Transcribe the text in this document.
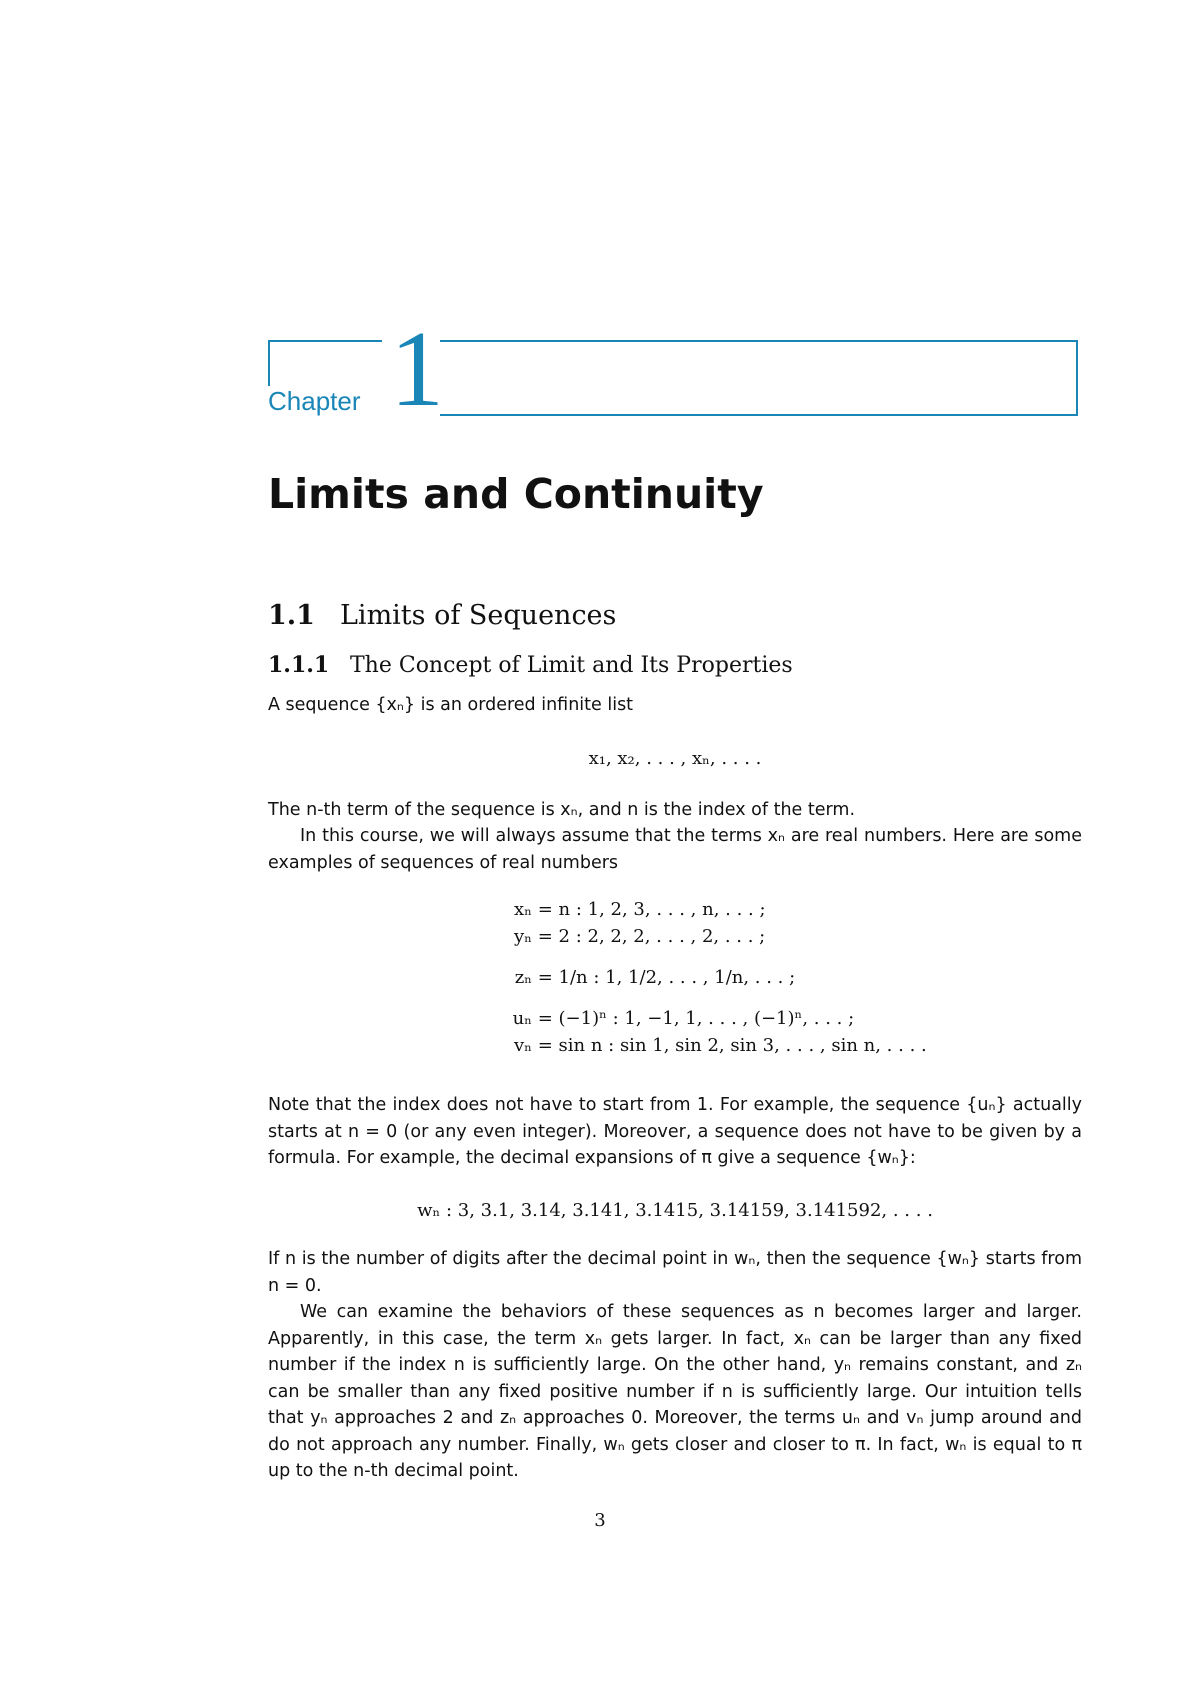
Chapter 1
Limits and Continuity
1.1 Limits of Sequences
1.1.1 The Concept of Limit and Its Properties

A sequence {xₙ} is an ordered infinite list

x₁, x₂, . . . , xₙ, . . . .

The n-th term of the sequence is xₙ, and n is the index of the term.

In this course, we will always assume that the terms xₙ are real numbers. Here are some examples of sequences of real numbers

xₙ = n : 1, 2, 3, . . . , n, . . . ;
yₙ = 2 : 2, 2, 2, . . . , 2, . . . ;
zₙ = 1/n : 1, 1/2, . . . , 1/n, . . . ;
uₙ = (−1)ⁿ : 1, −1, 1, . . . , (−1)ⁿ, . . . ;
vₙ = sin n : sin 1, sin 2, sin 3, . . . , sin n, . . . .

Note that the index does not have to start from 1. For example, the sequence {uₙ} actually starts at n = 0 (or any even integer). Moreover, a sequence does not have to be given by a formula. For example, the decimal expansions of π give a sequence {wₙ}:

wₙ : 3, 3.1, 3.14, 3.141, 3.1415, 3.14159, 3.141592, . . . .

If n is the number of digits after the decimal point in wₙ, then the sequence {wₙ} starts from n = 0.

We can examine the behaviors of these sequences as n becomes larger and larger. Apparently, in this case, the term xₙ gets larger. In fact, xₙ can be larger than any fixed number if the index n is sufficiently large. On the other hand, yₙ remains constant, and zₙ can be smaller than any fixed positive number if n is sufficiently large. Our intuition tells that yₙ approaches 2 and zₙ approaches 0. Moreover, the terms uₙ and vₙ jump around and do not approach any number. Finally, wₙ gets closer and closer to π. In fact, wₙ is equal to π up to the n-th decimal point.

3
